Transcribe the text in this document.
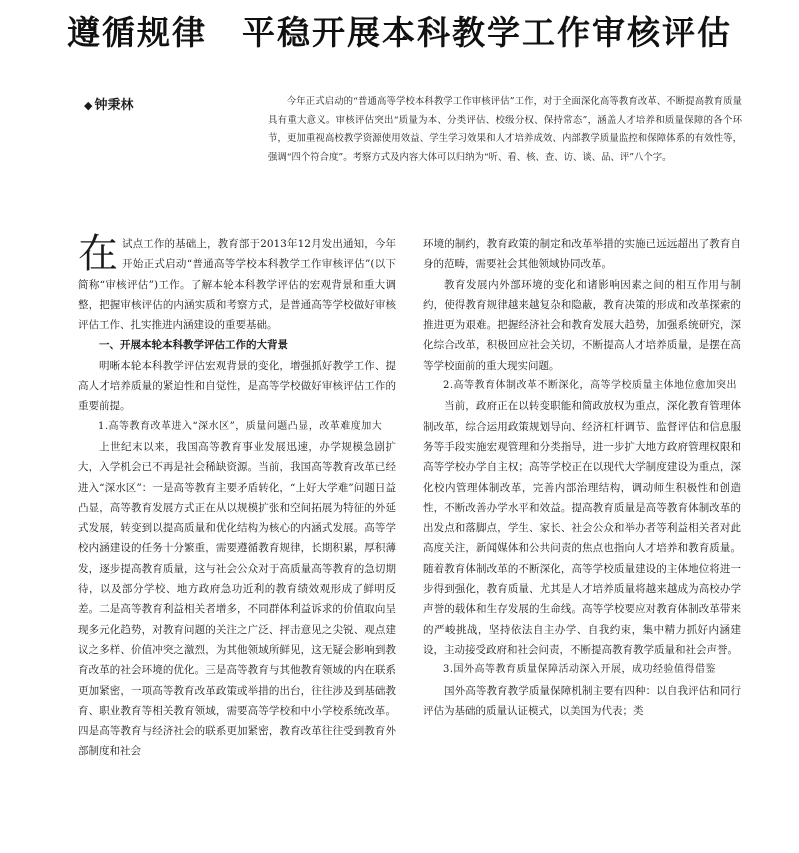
遵循规律　平稳开展本科教学工作审核评估
◆ 钟秉林	今年正式启动的“普通高等学校本科教学工作审核评估”工作，对于全面深化高等教育改革、不断提高教育质量具有重大意义。审核评估突出“质量为本、分类评估、校级分权、保持常态”，涵盖人才培养和质量保障的各个环节，更加重视高校教学资源使用效益、学生学习效果和人才培养成效、内部教学质量监控和保障体系的有效性等，强调“四个符合度”。考察方式及内容大体可以归纳为“听、看、核、查、访、谈、品、评”八个字。

在试点工作的基础上，教育部于2013年12月发出通知，今年开始正式启动“普通高等学校本科教学工作审核评估”(以下简称“审核评估”)工作。了解本轮本科教学评估的宏观背景和重大调整，把握审核评估的内涵实质和考察方式，是普通高等学校做好审核评估工作、扎实推进内涵建设的重要基础。

一、开展本轮本科教学评估工作的大背景

明晰本轮本科教学评估宏观背景的变化，增强抓好教学工作、提高人才培养质量的紧迫性和自觉性，是高等学校做好审核评估工作的重要前提。

1.高等教育改革进入“深水区”，质量问题凸显，改革难度加大

上世纪末以来，我国高等教育事业发展迅速，办学规模急剧扩大，入学机会已不再是社会稀缺资源。当前，我国高等教育改革已经进入“深水区”：一是高等教育主要矛盾转化，“上好大学难”问题日益凸显，高等教育发展方式正在从以规模扩张和空间拓展为特征的外延式发展，转变到以提高质量和优化结构为核心的内涵式发展。高等学校内涵建设的任务十分繁重，需要遵循教育规律，长期积累，厚积薄发，逐步提高教育质量，这与社会公众对于高质量高等教育的急切期待，以及部分学校、地方政府急功近利的教育绩效观形成了鲜明反差。二是高等教育利益相关者增多，不同群体利益诉求的价值取向呈现多元化趋势，对教育问题的关注之广泛、抨击意见之尖锐、观点建议之多样、价值冲突之激烈，为其他领域所鲜见，这无疑会影响到教育改革的社会环境的优化。三是高等教育与其他教育领域的内在联系更加紧密，一项高等教育改革政策或举措的出台，往往涉及到基础教育、职业教育等相关教育领域，需要高等学校和中小学校系统改革。四是高等教育与经济社会的联系更加紧密，教育改革往往受到教育外部制度和社会

环境的制约，教育政策的制定和改革举措的实施已远远超出了教育自身的范畴，需要社会其他领域协同改革。

教育发展内外部环境的变化和诸影响因素之间的相互作用与制约，使得教育规律越来越复杂和隐蔽，教育决策的形成和改革探索的推进更为艰难。把握经济社会和教育发展大趋势，加强系统研究，深化综合改革，积极回应社会关切，不断提高人才培养质量，是摆在高等学校面前的重大现实问题。

2.高等教育体制改革不断深化，高等学校质量主体地位愈加突出

当前，政府正在以转变职能和简政放权为重点，深化教育管理体制改革，综合运用政策规划导向、经济杠杆调节、监督评估和信息服务等手段实施宏观管理和分类指导，进一步扩大地方政府管理权限和高等学校办学自主权；高等学校正在以现代大学制度建设为重点，深化校内管理体制改革，完善内部治理结构，调动师生积极性和创造性，不断改善办学水平和效益。提高教育质量是高等教育体制改革的出发点和落脚点，学生、家长、社会公众和举办者等利益相关者对此高度关注，新闻媒体和公共问责的焦点也指向人才培养和教育质量。随着教育体制改革的不断深化，高等学校质量建设的主体地位将进一步得到强化，教育质量、尤其是人才培养质量将越来越成为高校办学声誉的载体和生存发展的生命线。高等学校要应对教育体制改革带来的严峻挑战，坚持依法自主办学、自我约束，集中精力抓好内涵建设，主动接受政府和社会问责，不断提高教育教学质量和社会声誉。

3.国外高等教育质量保障活动深入开展，成功经验值得借鉴

国外高等教育教学质量保障机制主要有四种：以自我评估和同行评估为基础的质量认证模式，以美国为代表；类
